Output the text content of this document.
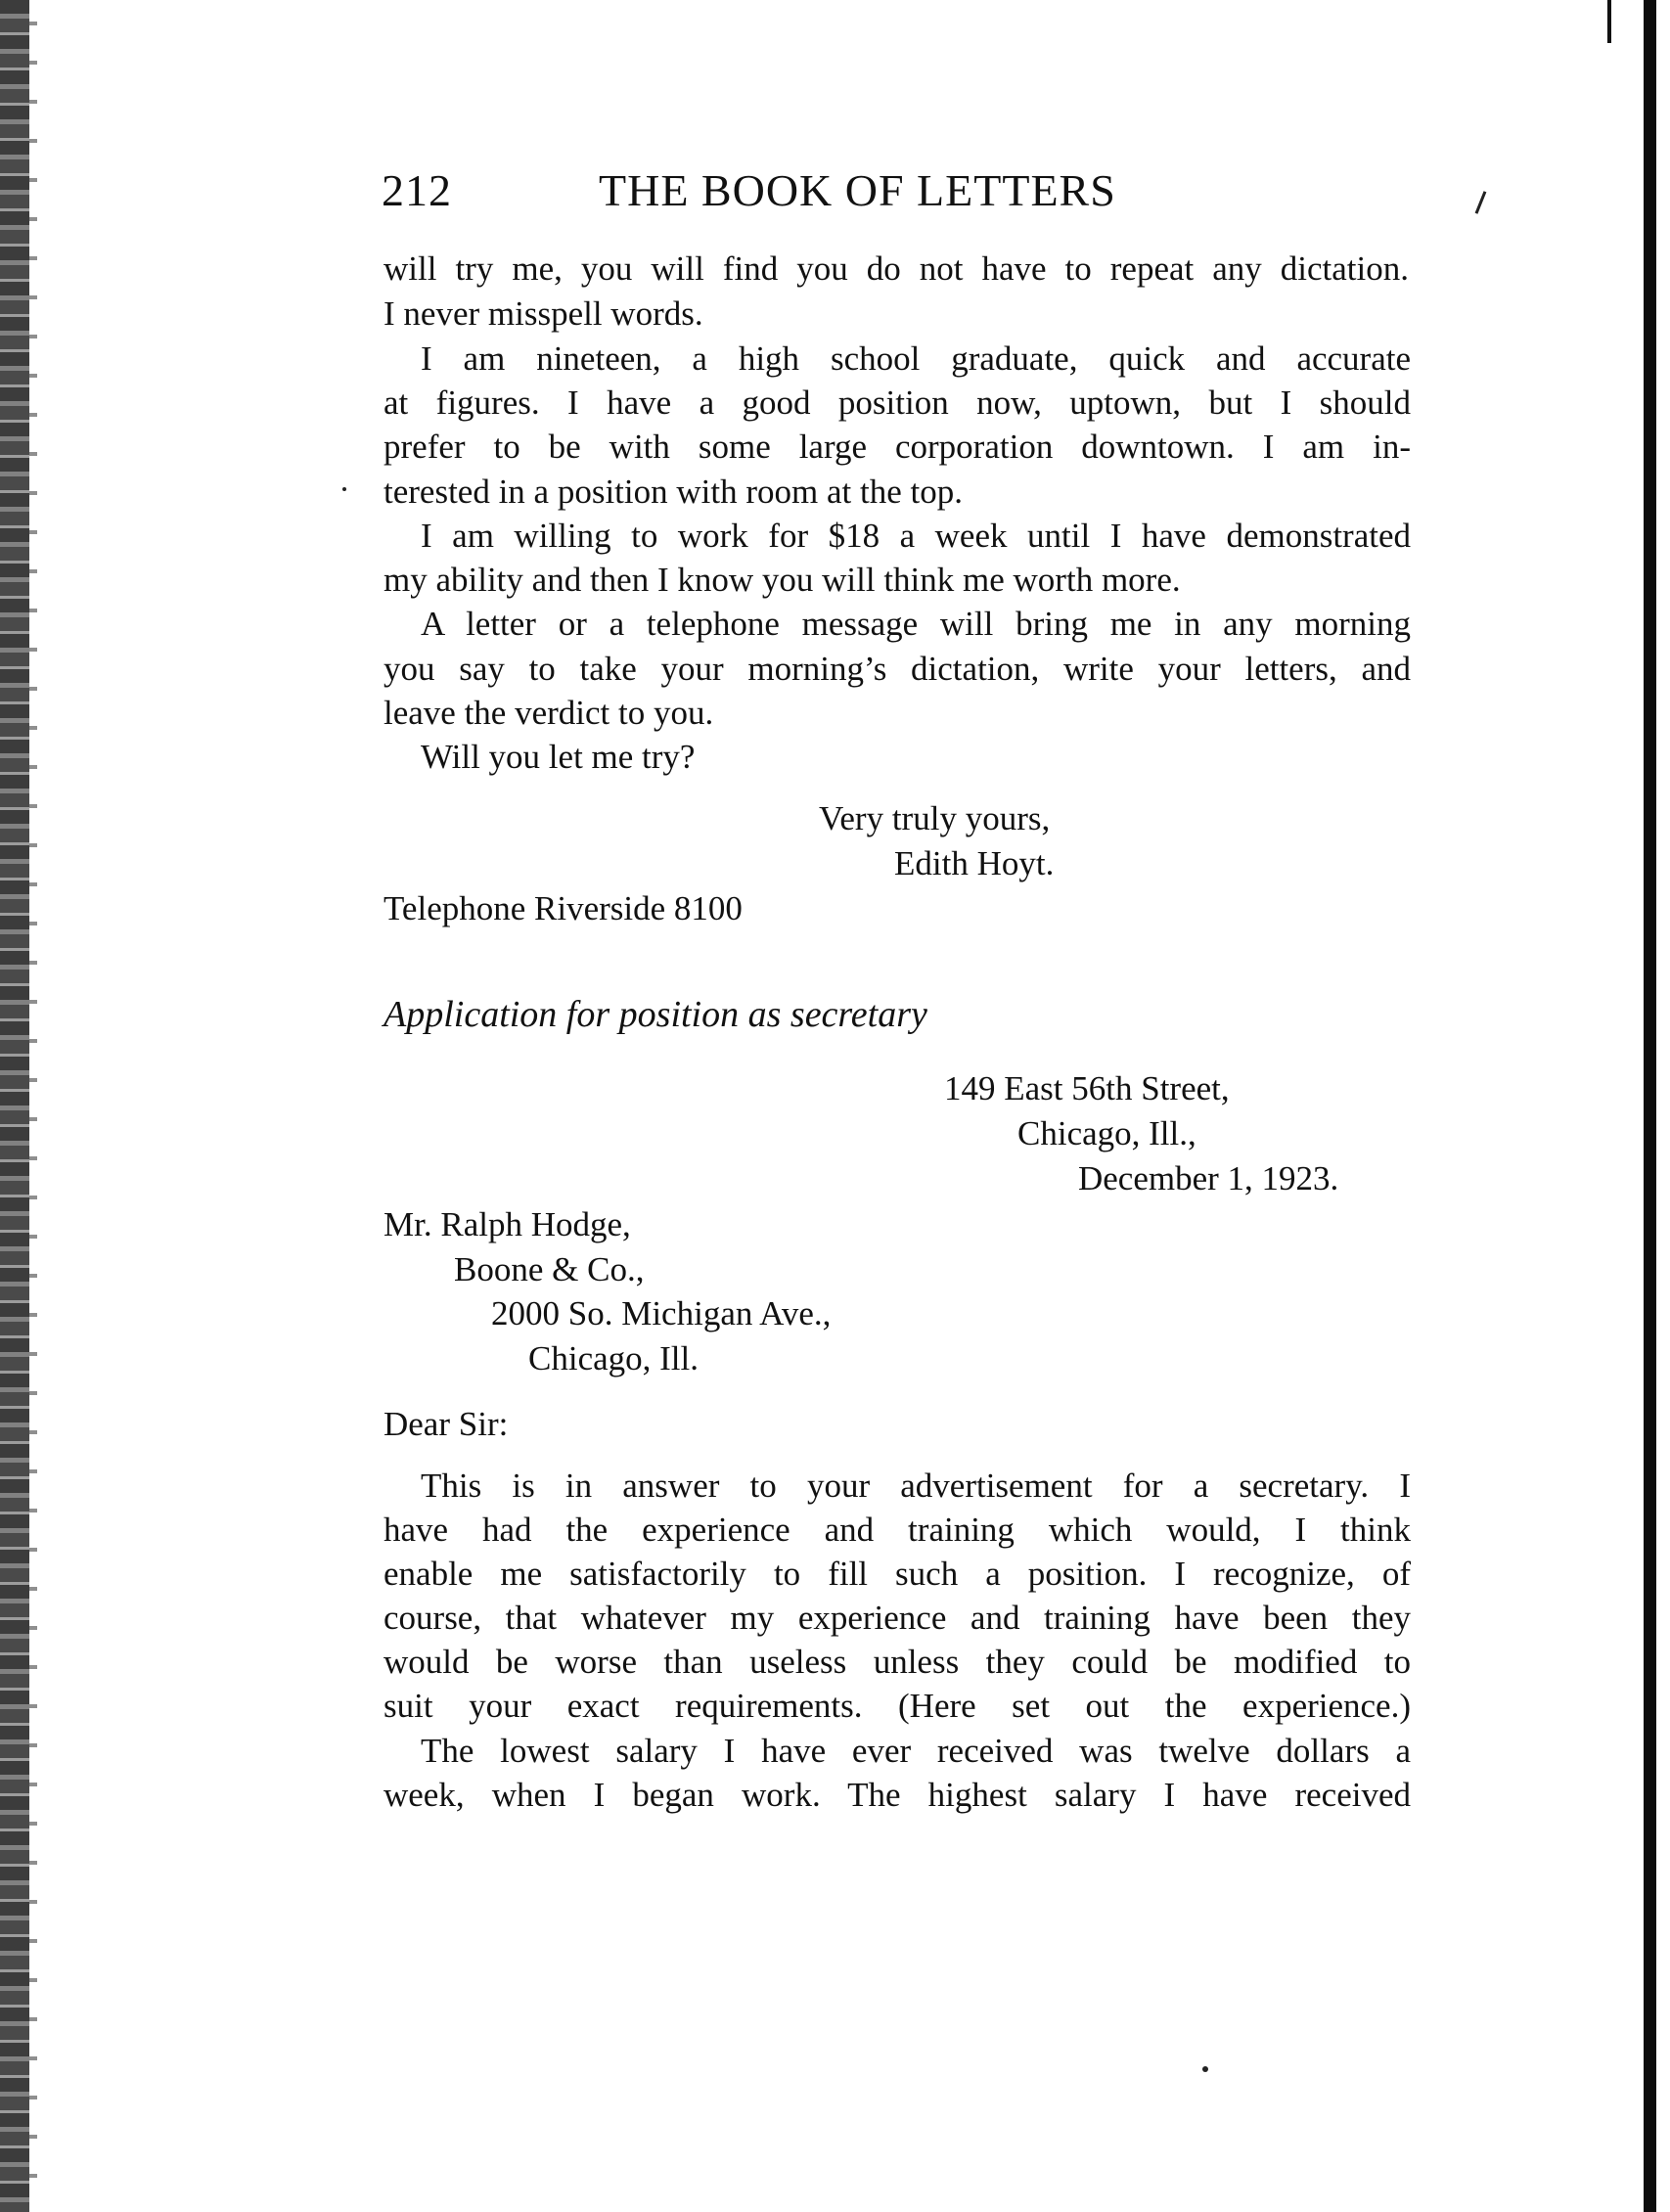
212	THE BOOK OF LETTERS
will try me, you will find you do not have to repeat any dictation.
I never misspell words.
I am nineteen, a high school graduate, quick and accurate
at figures. I have a good position now, uptown, but I should
prefer to be with some large corporation downtown. I am in-
terested in a position with room at the top.
I am willing to work for $18 a week until I have demonstrated
my ability and then I know you will think me worth more.
A letter or a telephone message will bring me in any morning
you say to take your morning’s dictation, write your letters, and
leave the verdict to you.
Will you let me try?
Very truly yours,
Edith Hoyt.
Telephone Riverside 8100
Application for position as secretary
149 East 56th Street,
Chicago, Ill.,
December 1, 1923.
Mr. Ralph Hodge,
Boone & Co.,
2000 So. Michigan Ave.,
Chicago, Ill.
Dear Sir:
This is in answer to your advertisement for a secretary. I
have had the experience and training which would, I think
enable me satisfactorily to fill such a position. I recognize, of
course, that whatever my experience and training have been they
would be worse than useless unless they could be modified to
suit your exact requirements. (Here set out the experience.)
The lowest salary I have ever received was twelve dollars a
week, when I began work. The highest salary I have received
